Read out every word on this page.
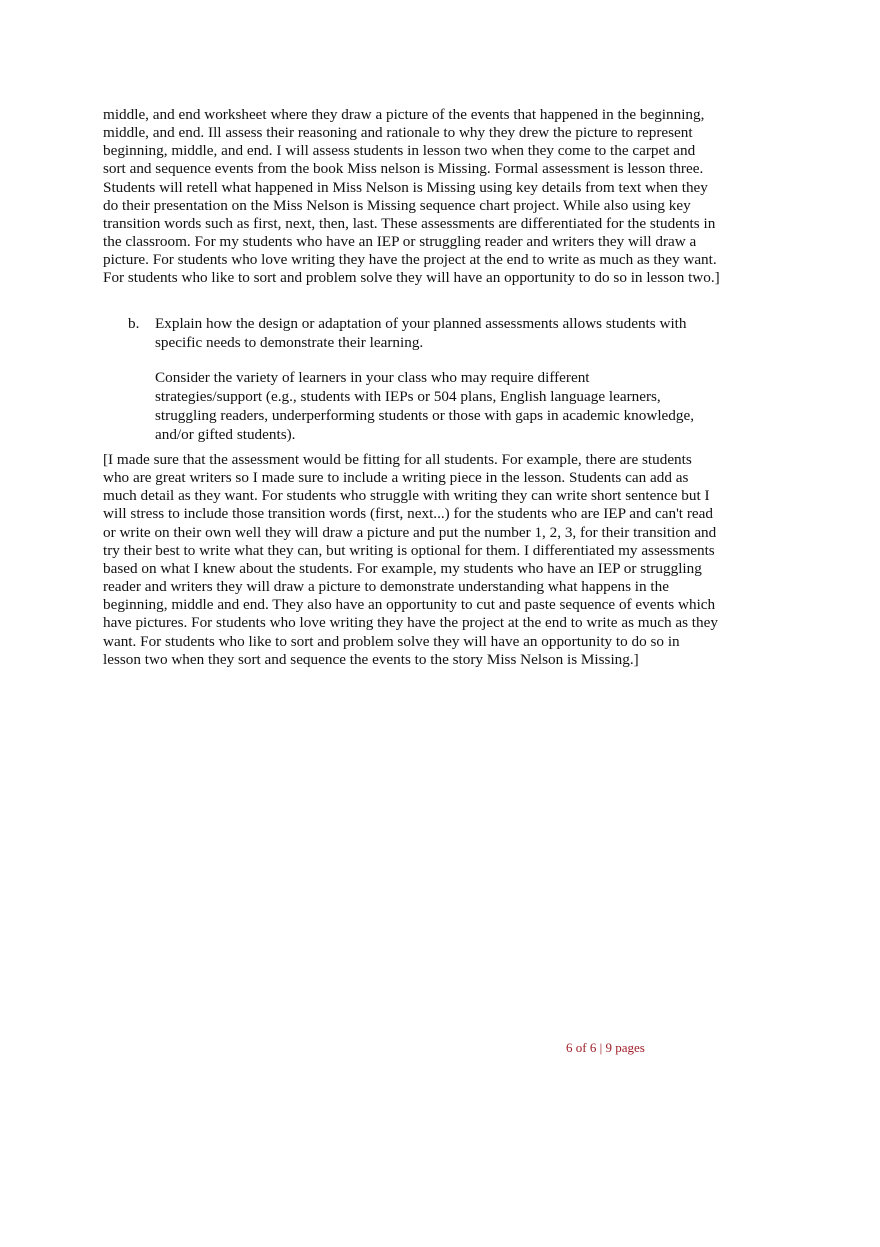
middle, and end worksheet where they draw a picture of the events that happened in the beginning, middle, and end. Ill assess their reasoning and rationale to why they drew the picture to represent beginning, middle, and end. I will assess students in lesson two when they come to the carpet and sort and sequence events from the book Miss nelson is Missing. Formal assessment is lesson three. Students will retell what happened in Miss Nelson is Missing using key details from text when they do their presentation on the Miss Nelson is Missing sequence chart project. While also using key transition words such as first, next, then, last. These assessments are differentiated for the students in the classroom. For my students who have an IEP or struggling reader and writers they will draw a picture. For students who love writing they have the project at the end to write as much as they want. For students who like to sort and problem solve they will have an opportunity to do so in lesson two.]

b. Explain how the design or adaptation of your planned assessments allows students with specific needs to demonstrate their learning.
Consider the variety of learners in your class who may require different strategies/support (e.g., students with IEPs or 504 plans, English language learners, struggling readers, underperforming students or those with gaps in academic knowledge, and/or gifted students).

[I made sure that the assessment would be fitting for all students. For example, there are students who are great writers so I made sure to include a writing piece in the lesson. Students can add as much detail as they want. For students who struggle with writing they can write short sentence but I will stress to include those transition words (first, next...) for the students who are IEP and can't read or write on their own well they will draw a picture and put the number 1, 2, 3, for their transition and try their best to write what they can, but writing is optional for them. I differentiated my assessments based on what I knew about the students. For example, my students who have an IEP or struggling reader and writers they will draw a picture to demonstrate understanding what happens in the beginning, middle and end. They also have an opportunity to cut and paste sequence of events which have pictures. For students who love writing they have the project at the end to write as much as they want. For students who like to sort and problem solve they will have an opportunity to do so in lesson two when they sort and sequence the events to the story Miss Nelson is Missing.]

6 of 6 | 9 pages
